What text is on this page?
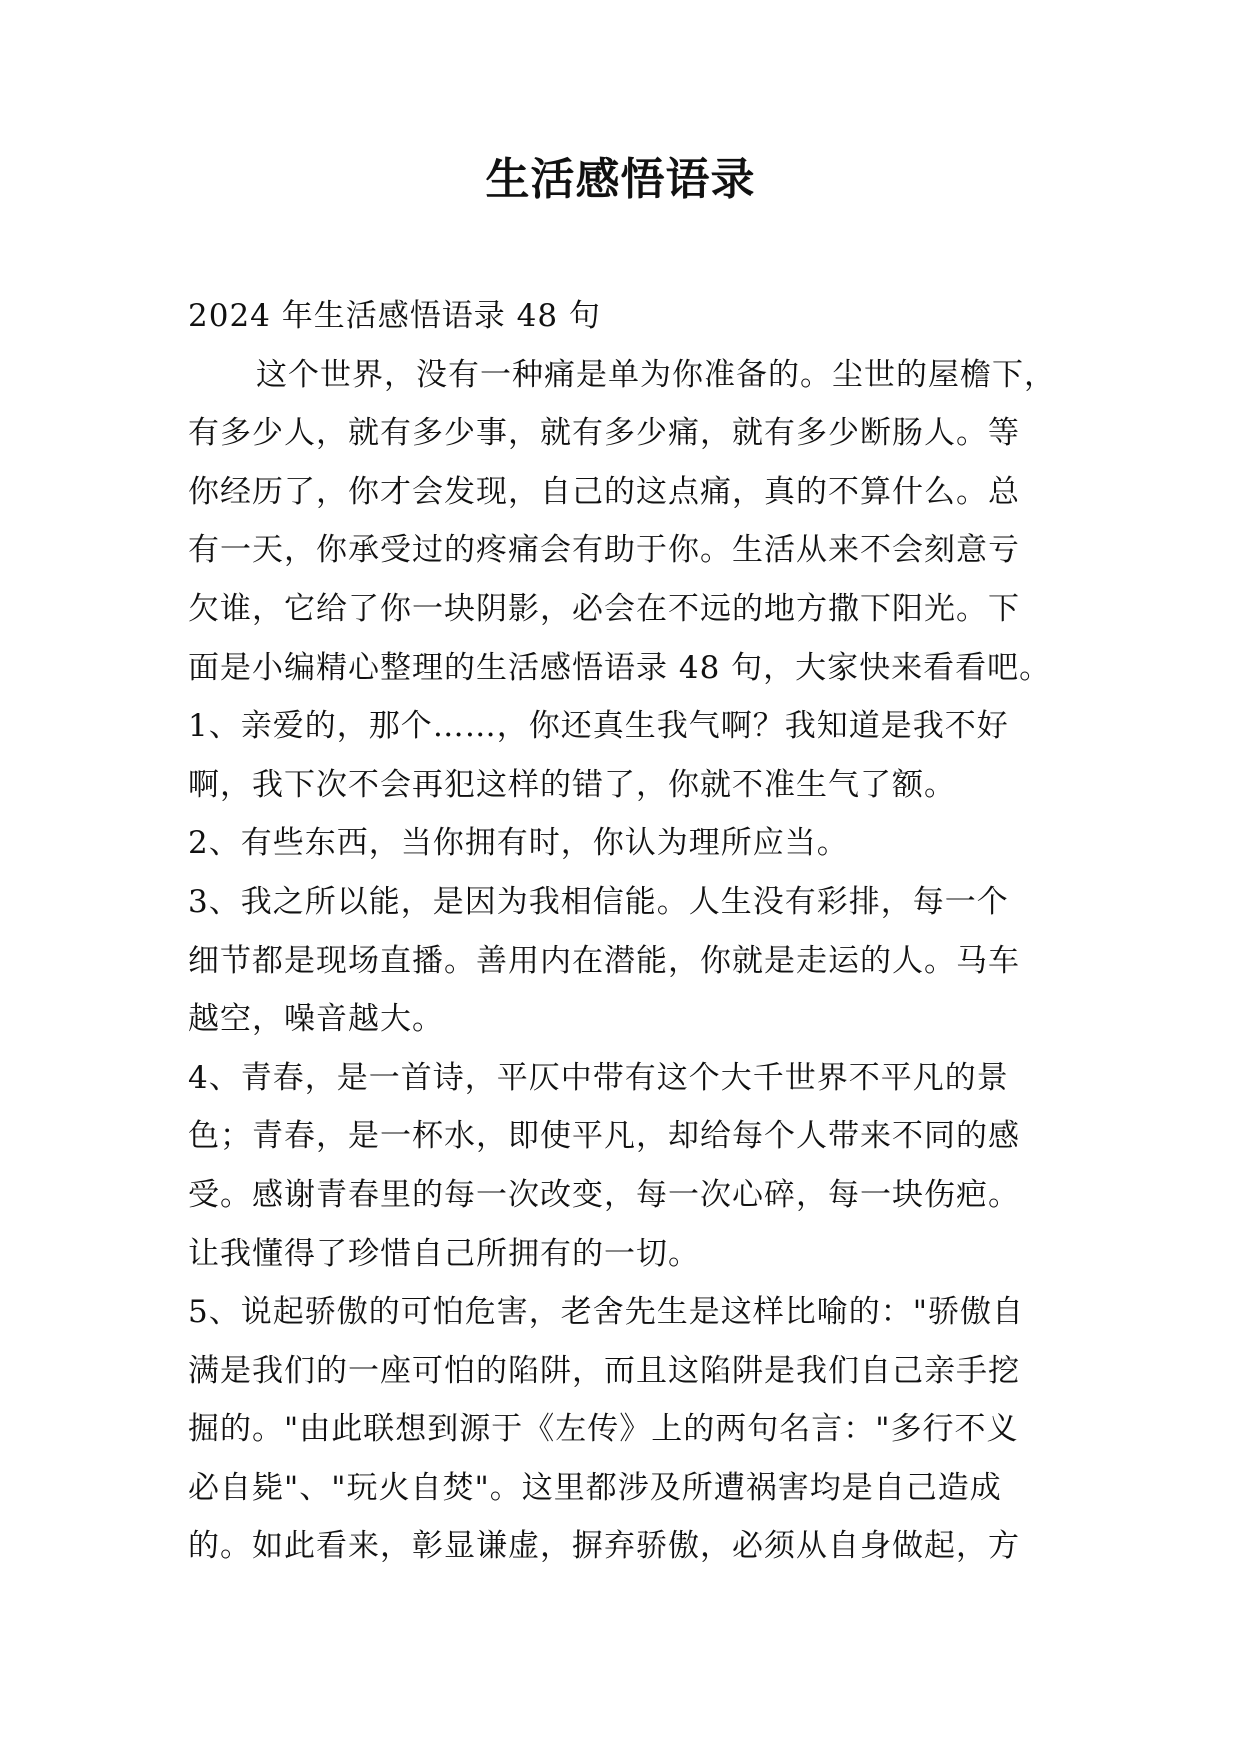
生活感悟语录
2024 年生活感悟语录 48 句
这个世界，没有一种痛是单为你准备的。尘世的屋檐下，
有多少人，就有多少事，就有多少痛，就有多少断肠人。等
你经历了，你才会发现，自己的这点痛，真的不算什么。总
有一天，你承受过的疼痛会有助于你。生活从来不会刻意亏
欠谁，它给了你一块阴影，必会在不远的地方撒下阳光。下
面是小编精心整理的生活感悟语录 48 句，大家快来看看吧。
1、亲爱的，那个……，你还真生我气啊？我知道是我不好
啊，我下次不会再犯这样的错了，你就不准生气了额。
2、有些东西，当你拥有时，你认为理所应当。
3、我之所以能，是因为我相信能。人生没有彩排，每一个
细节都是现场直播。善用内在潜能，你就是走运的人。马车
越空，噪音越大。
4、青春，是一首诗，平仄中带有这个大千世界不平凡的景
色；青春，是一杯水，即使平凡，却给每个人带来不同的感
受。感谢青春里的每一次改变，每一次心碎，每一块伤疤。
让我懂得了珍惜自己所拥有的一切。
5、说起骄傲的可怕危害，老舍先生是这样比喻的："骄傲自
满是我们的一座可怕的陷阱，而且这陷阱是我们自己亲手挖
掘的。"由此联想到源于《左传》上的两句名言："多行不义
必自毙"、"玩火自焚"。这里都涉及所遭祸害均是自己造成
的。如此看来，彰显谦虚，摒弃骄傲，必须从自身做起，方
